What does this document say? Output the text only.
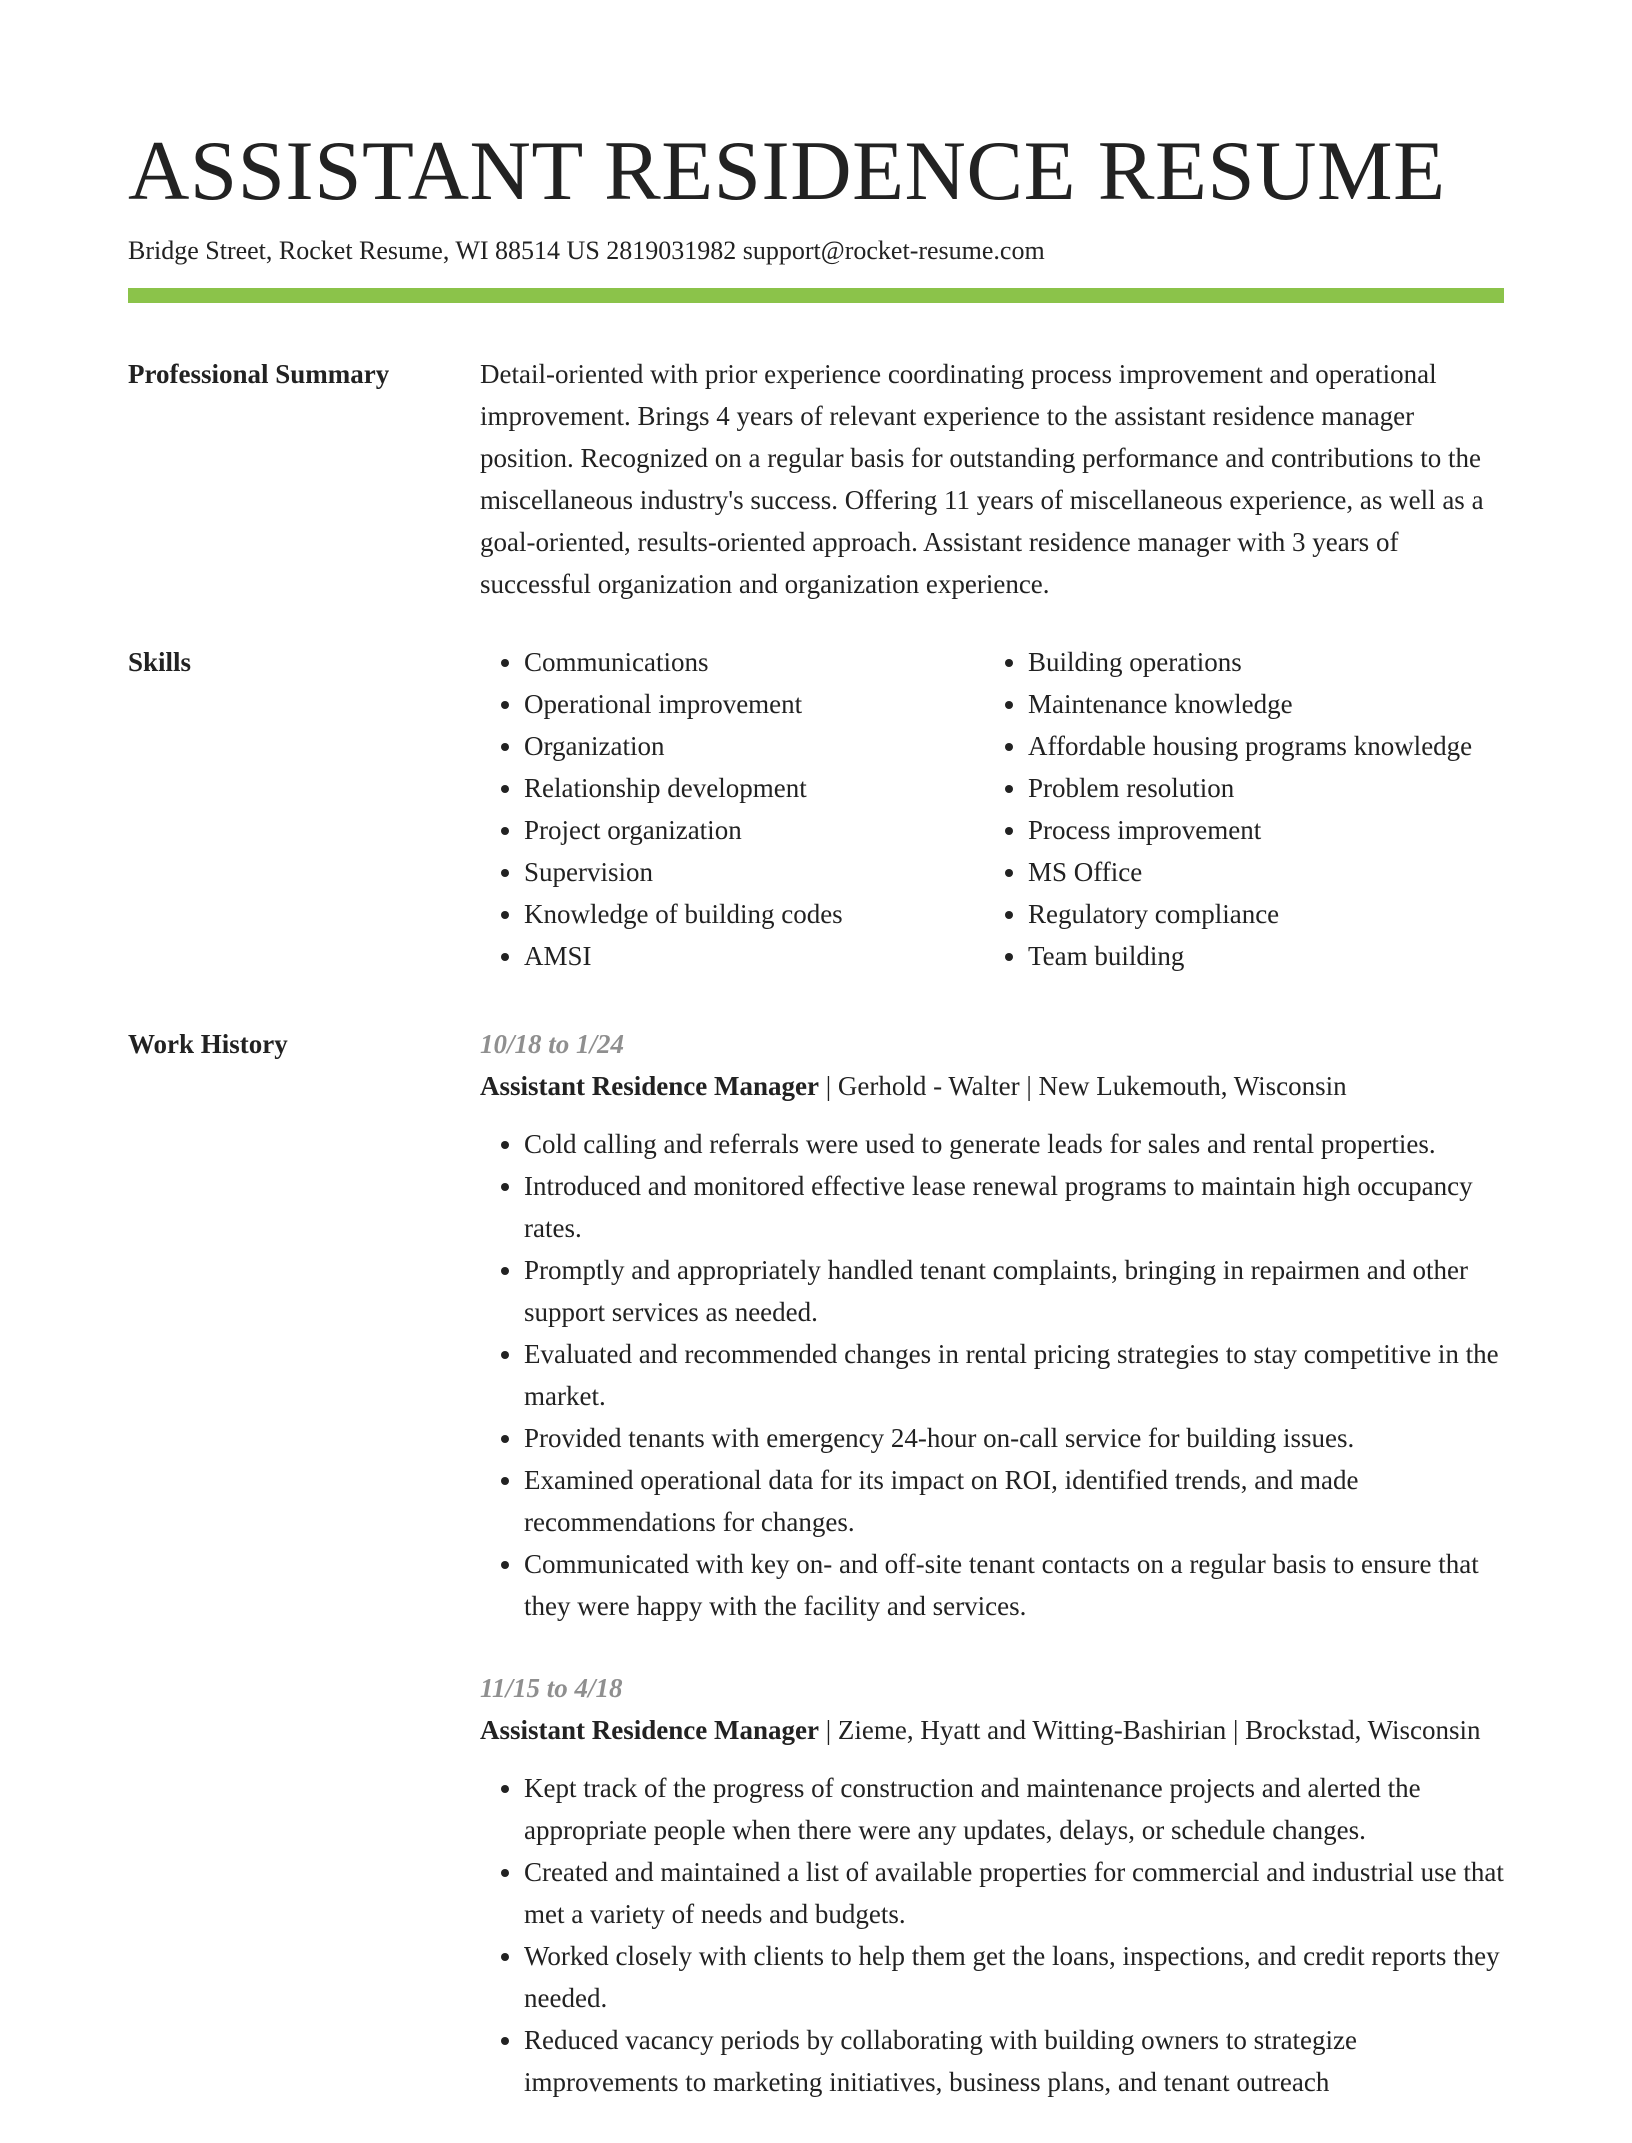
ASSISTANT RESIDENCE RESUME
Bridge Street, Rocket Resume, WI 88514 US 2819031982 support@rocket-resume.com
Professional Summary	Detail-oriented with prior experience coordinating process improvement and operational improvement. Brings 4 years of relevant experience to the assistant residence manager position. Recognized on a regular basis for outstanding performance and contributions to the miscellaneous industry's success. Offering 11 years of miscellaneous experience, as well as a goal-oriented, results-oriented approach. Assistant residence manager with 3 years of successful organization and organization experience.

Skills
•	Communications
• Operational improvement
• Organization
• Relationship development
• Project organization
• Supervision
• Knowledge of building codes
• AMSI
• Building operations
• Maintenance knowledge
• Affordable housing programs knowledge
• Problem resolution
• Process improvement
• MS Office
• Regulatory compliance
• Team building
Work History	10/18 to 1/24
Assistant Residence Manager | Gerhold - Walter | New Lukemouth, Wisconsin
• Cold calling and referrals were used to generate leads for sales and rental properties.
• Introduced and monitored effective lease renewal programs to maintain high occupancy rates.
• Promptly and appropriately handled tenant complaints, bringing in repairmen and other support services as needed.
• Evaluated and recommended changes in rental pricing strategies to stay competitive in the market.
• Provided tenants with emergency 24-hour on-call service for building issues.
• Examined operational data for its impact on ROI, identified trends, and made recommendations for changes.
• Communicated with key on- and off-site tenant contacts on a regular basis to ensure that they were happy with the facility and services.
11/15 to 4/18
Assistant Residence Manager | Zieme, Hyatt and Witting-Bashirian | Brockstad, Wisconsin
• Kept track of the progress of construction and maintenance projects and alerted the appropriate people when there were any updates, delays, or schedule changes.
• Created and maintained a list of available properties for commercial and industrial use that met a variety of needs and budgets.
• Worked closely with clients to help them get the loans, inspections, and credit reports they needed.
• Reduced vacancy periods by collaborating with building owners to strategize improvements to marketing initiatives, business plans, and tenant outreach
